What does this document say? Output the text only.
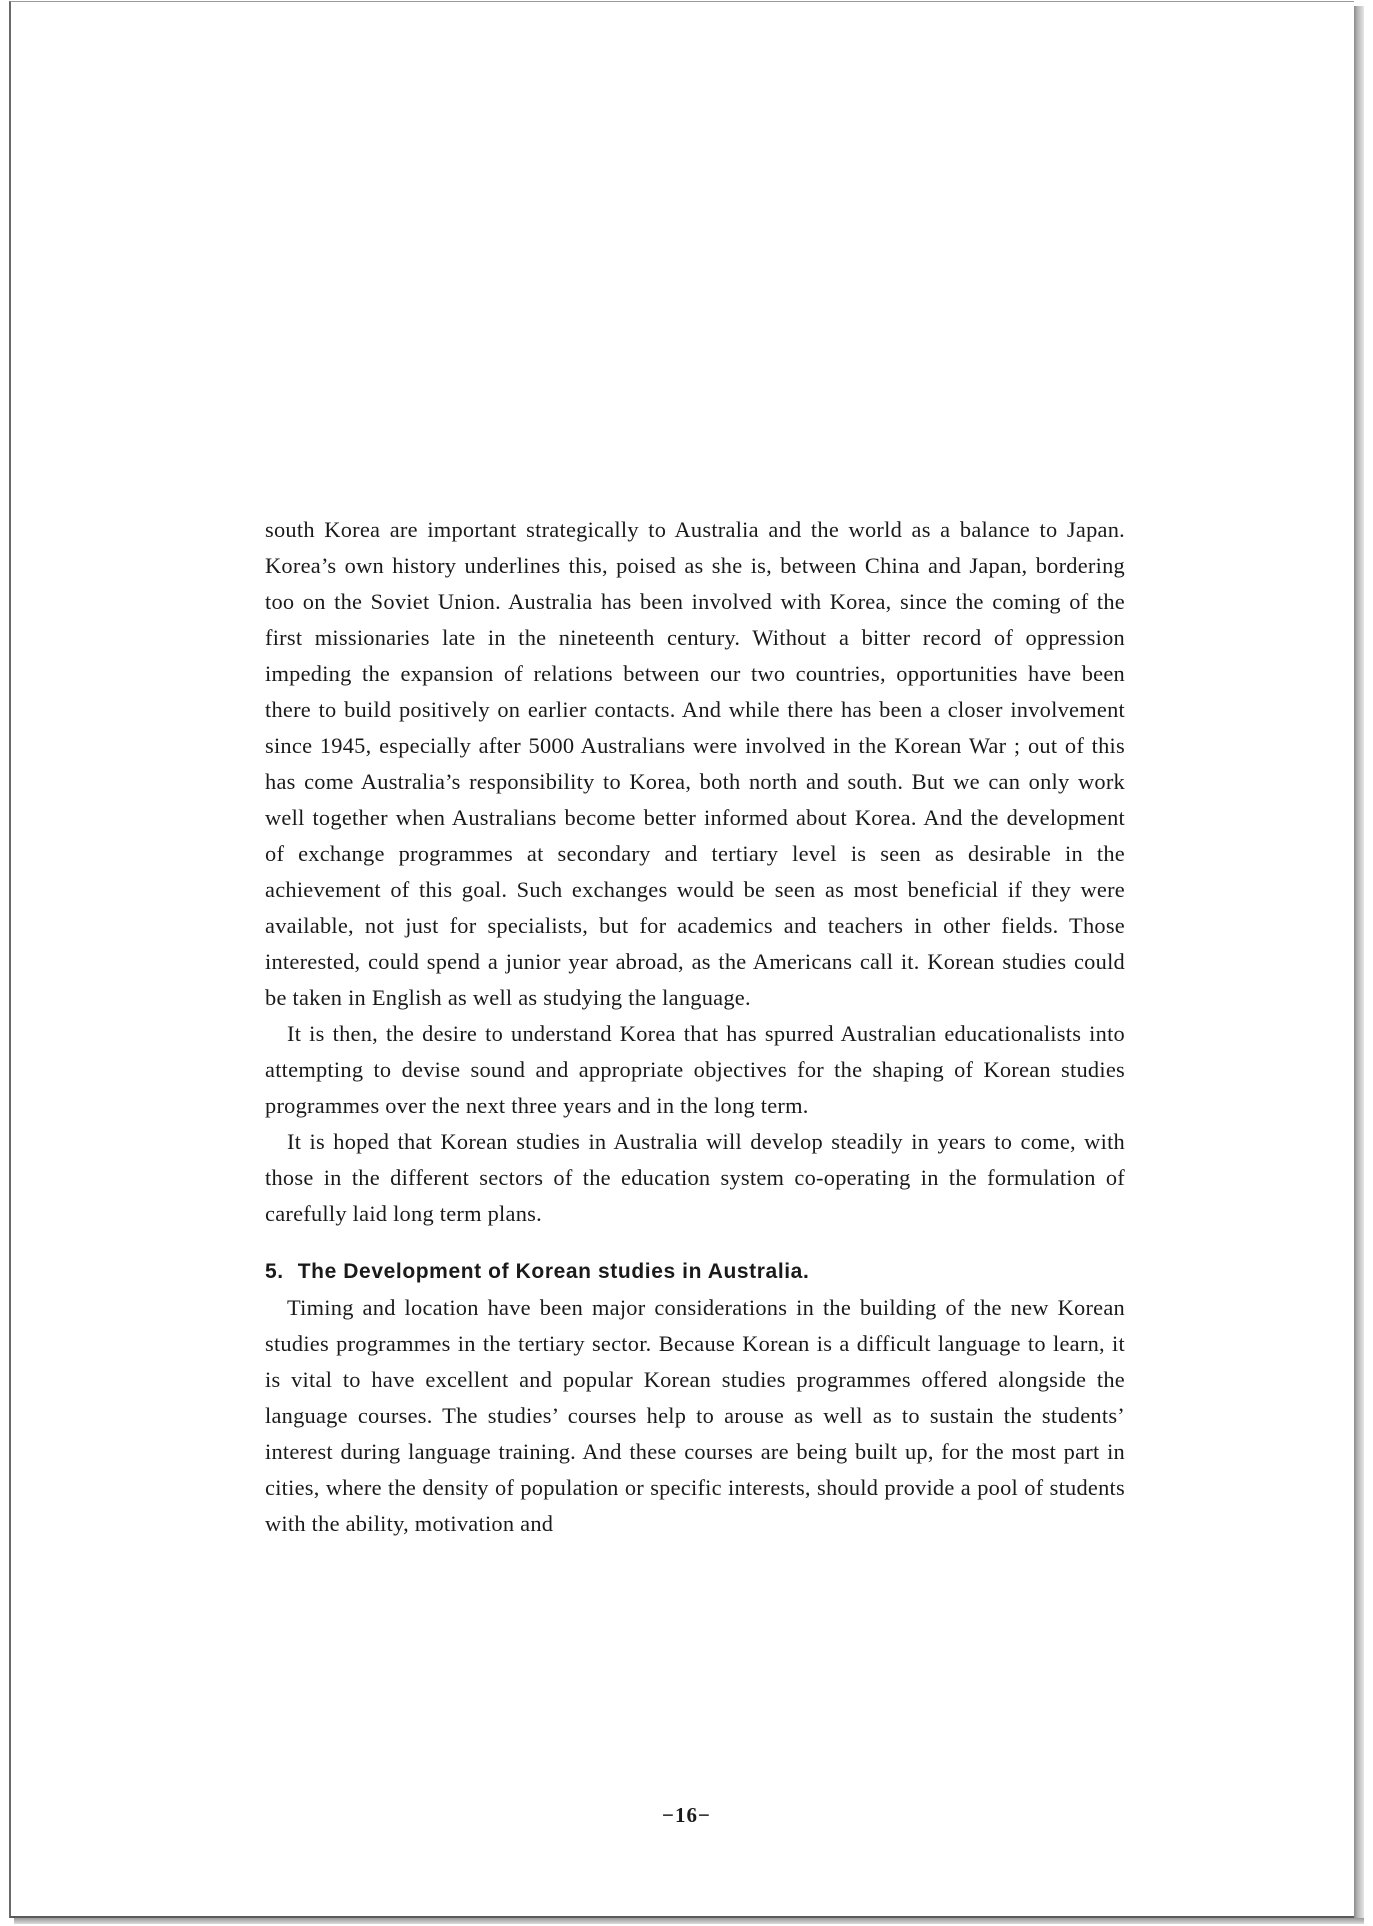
south Korea are important strategically to Australia and the world as a balance to Japan. Korea’s own history underlines this, poised as she is, between China and Japan, bordering too on the Soviet Union. Australia has been involved with Korea, since the coming of the first missionaries late in the nineteenth century. Without a bitter record of oppression impeding the expansion of relations between our two countries, opportunities have been there to build positively on earlier contacts. And while there has been a closer involvement since 1945, especially after 5000 Australians were involved in the Korean War ; out of this has come Australia’s responsibility to Korea, both north and south. But we can only work well together when Australians become better informed about Korea. And the development of exchange programmes at secondary and tertiary level is seen as desirable in the achievement of this goal. Such exchanges would be seen as most beneficial if they were available, not just for specialists, but for academics and teachers in other fields. Those interested, could spend a junior year abroad, as the Americans call it. Korean studies could be taken in English as well as studying the language.

It is then, the desire to understand Korea that has spurred Australian educationalists into attempting to devise sound and appropriate objectives for the shaping of Korean studies programmes over the next three years and in the long term.

It is hoped that Korean studies in Australia will develop steadily in years to come, with those in the different sectors of the education system co-operating in the formulation of carefully laid long term plans.

5. The Development of Korean studies in Australia.

Timing and location have been major considerations in the building of the new Korean studies programmes in the tertiary sector. Because Korean is a difficult language to learn, it is vital to have excellent and popular Korean studies programmes offered alongside the language courses. The studies’ courses help to arouse as well as to sustain the students’ interest during language training. And these courses are being built up, for the most part in cities, where the density of population or specific interests, should provide a pool of students with the ability, motivation and

−16−
